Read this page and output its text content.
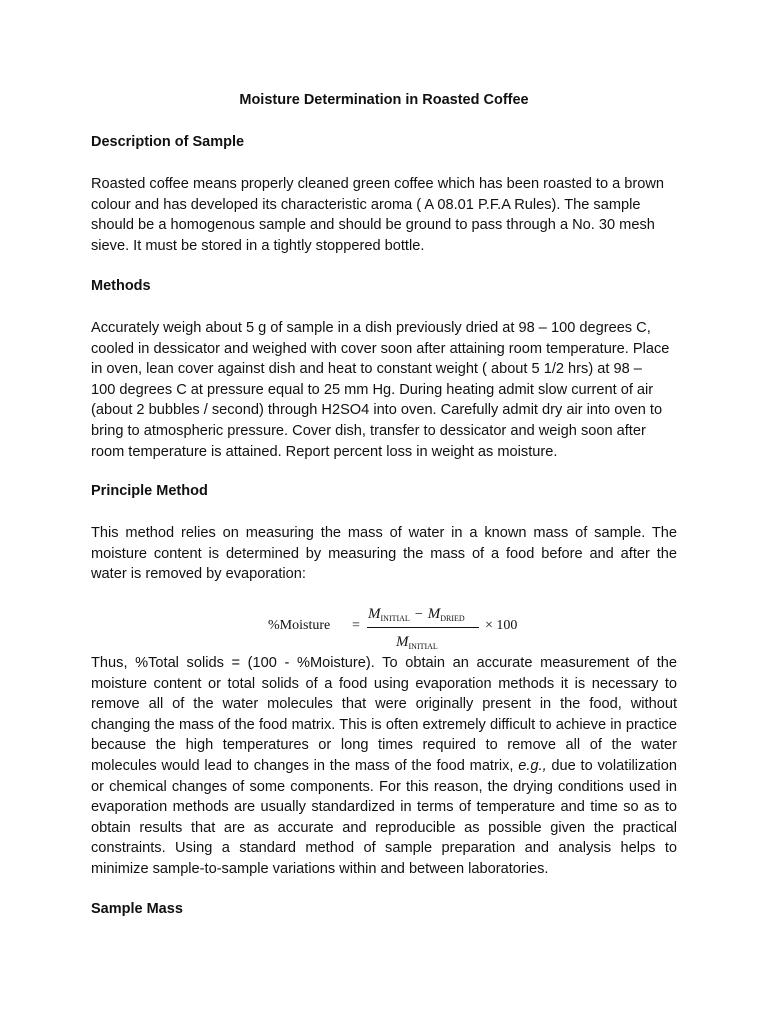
Moisture Determination in Roasted Coffee
Description of Sample
Roasted coffee means properly cleaned green coffee which has been roasted to a brown
colour and has developed its characteristic aroma ( A 08.01 P.F.A Rules). The sample
should be a homogenous sample and should be ground to pass through a No. 30 mesh
sieve. It must be stored in a tightly stoppered bottle.
Methods
Accurately weigh about 5 g of sample in a dish previously dried at 98 – 100 degrees C,
cooled in dessicator and weighed with cover soon after attaining room temperature. Place
in oven, lean cover against dish and heat to constant weight ( about 5 1/2 hrs) at 98 –
100 degrees C at pressure equal to 25 mm Hg. During heating admit slow current of air
(about 2 bubbles / second) through H2SO4 into oven. Carefully admit dry air into oven to
bring to atmospheric pressure. Cover dish, transfer to dessicator and weigh soon after
room temperature is attained. Report percent loss in weight as moisture.
Principle Method
This method relies on measuring the mass of water in a known mass of sample. The
moisture content is determined by measuring the mass of a food before and after the
water is removed by evaporation:
%Moisture =
$M_{INITIAL} - M_{DRIED}$
$M_{INITIAL}$
× 100
Thus, %Total solids = (100 - %Moisture). To obtain an accurate measurement of the
moisture content or total solids of a food using evaporation methods it is necessary to
remove all of the water molecules that were originally present in the food, without
changing the mass of the food matrix. This is often extremely difficult to achieve in practice
because the high temperatures or long times required to remove all of the water
molecules would lead to changes in the mass of the food matrix, e.g., due to volatilization
or chemical changes of some components. For this reason, the drying conditions used in
evaporation methods are usually standardized in terms of temperature and time so as to
obtain results that are as accurate and reproducible as possible given the practical
constraints. Using a standard method of sample preparation and analysis helps to
minimize sample-to-sample variations within and between laboratories.
Sample Mass
